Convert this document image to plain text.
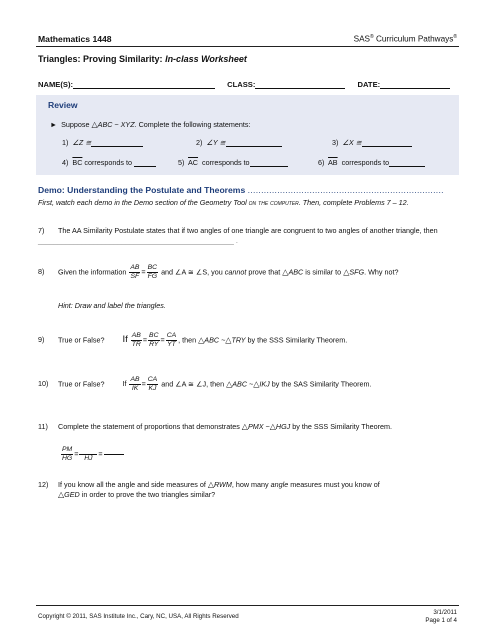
Mathematics 1448	SAS® Curriculum Pathways®
Triangles: Proving Similarity: In-class Worksheet
NAME(S):	CLASS:	DATE:
Review
► Suppose △ABC ~ XYZ. Complete the following statements:
1) ∠Z ≅	2) ∠Y ≅	3) ∠X ≅
4) $\overline{BC}$ corresponds to	5) $\overline{AC}$ corresponds to	6) $\overline{AB}$ corresponds to
Demo: Understanding the Postulate and Theorems .........................................................................
First, watch each demo in the Demo section of the Geometry Tool on the computer. Then, complete Problems 7 – 12.
7) The AA Similarity Postulate states that if two angles of one triangle are congruent to two angles of another triangle, then _________________________________________________ .
8) Given the information $\frac{AB}{SF} = \frac{BC}{FG}$ and ∠A ≅ ∠S, you cannot prove that △ABC is similar to △SFG. Why not?
Hint: Draw and label the triangles.
9) True or False? If $\frac{AB}{TR} = \frac{BC}{RY} = \frac{CA}{YT}$ , then △ABC ~△TRY by the SSS Similarity Theorem.
10) True or False?	If $\frac{AB}{IK} = \frac{CA}{KJ}$ and ∠A ≅ ∠J, then △ABC ~△IKJ by the SAS Similarity Theorem.
11) Complete the statement of proportions that demonstrates △PMX ~△HGJ by the SSS Similarity Theorem.
$\frac{PM}{HG}$ =
HJ
=

12) If you know all the angle and side measures of △RWM, how many angle measures must you know of
△GED in order to prove the two triangles similar?
Copyright © 2011, SAS Institute Inc., Cary, NC, USA, All Rights Reserved
3/1/2011
Page 1 of 4
